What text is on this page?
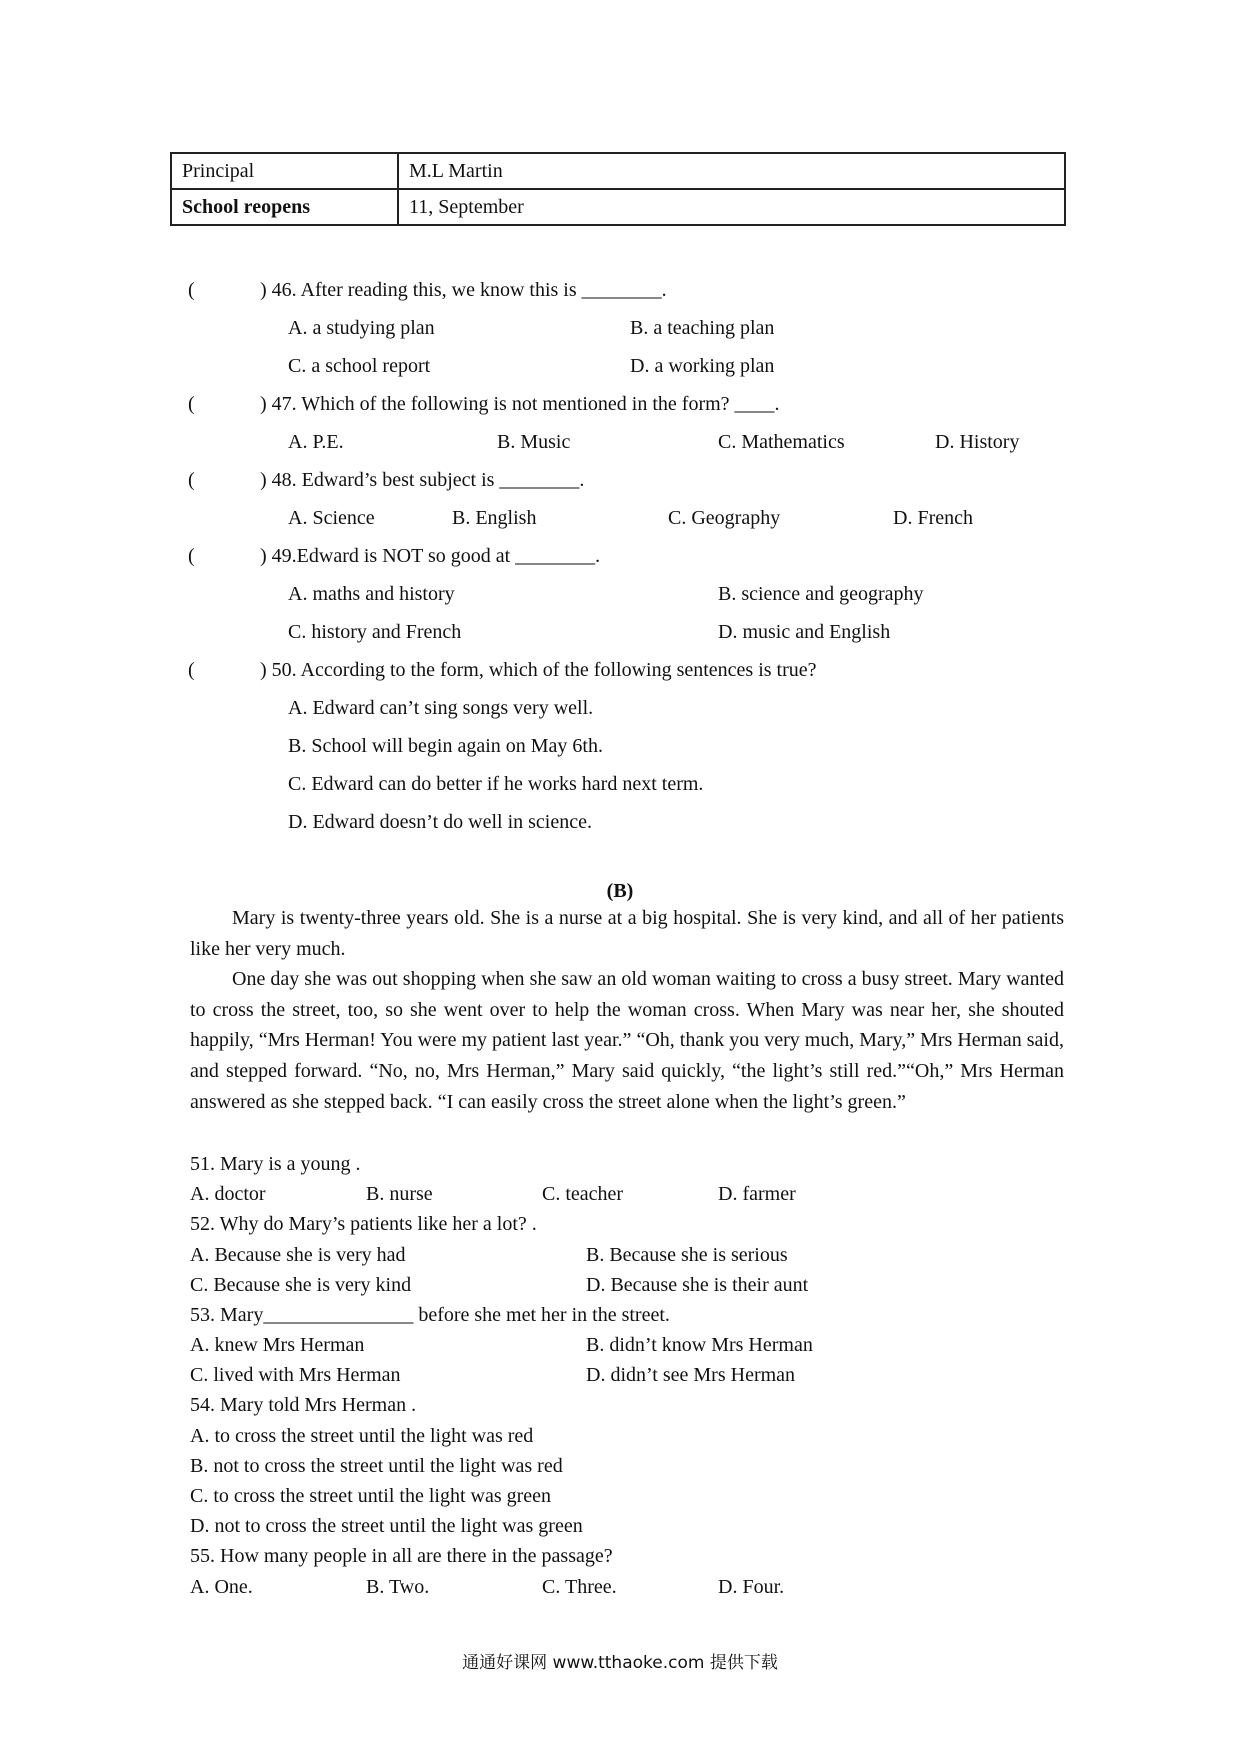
Principal	M.L Martin
School reopens	11, September
(	) 46. After reading this, we know this is ________.
A. a studying plan	B. a teaching plan
C. a school report	D. a working plan
(	) 47. Which of the following is not mentioned in the form? ____.
A. P.E.	B. Music	C. Mathematics	D. History
(	) 48. Edward’s best subject is ________.
A. Science	B. English	C. Geography	D. French
(	) 49.Edward is NOT so good at ________.
A. maths and history	B. science and geography
C. history and French	D. music and English
(	) 50. According to the form, which of the following sentences is true?
A. Edward can’t sing songs very well.
B. School will begin again on May 6th.
C. Edward can do better if he works hard next term.
D. Edward doesn’t do well in science.
(B)

Mary is twenty-three years old. She is a nurse at a big hospital. She is very kind, and all of her patients like her very much.

One day she was out shopping when she saw an old woman waiting to cross a busy street. Mary wanted to cross the street, too, so she went over to help the woman cross. When Mary was near her, she shouted happily, “Mrs Herman! You were my patient last year.” “Oh, thank you very much, Mary,” Mrs Herman said, and stepped forward. “No, no, Mrs Herman,” Mary said quickly, “the light’s still red.”“Oh,” Mrs Herman answered as she stepped back. “I can easily cross the street alone when the light’s green.”

51. Mary is a young .
A. doctor	B. nurse	C. teacher	D. farmer
52. Why do Mary’s patients like her a lot? .
A. Because she is very had	B. Because she is serious
C. Because she is very kind	D. Because she is their aunt
53. Mary_______________ before she met her in the street.
A. knew Mrs Herman	B. didn’t know Mrs Herman
C. lived with Mrs Herman	D. didn’t see Mrs Herman
54. Mary told Mrs Herman .
A. to cross the street until the light was red
B. not to cross the street until the light was red
C. to cross the street until the light was green
D. not to cross the street until the light was green
55. How many people in all are there in the passage?
A. One.	B. Two.	C. Three.	D. Four.
通通好课网 www.tthaoke.com 提供下载
